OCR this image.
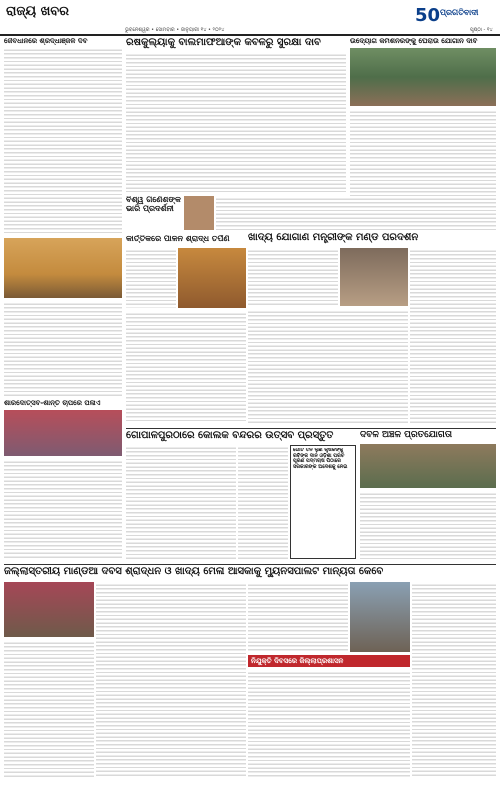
ରାଜ୍ୟ ଖବର
ଭୁବନେଶ୍ୱର • ସୋମବାର • ଜାନୁୟାରୀ ୧୪ • ୨୦୨୪
50 ପ୍ରଗତିବାଦୀ
ପୃଷ୍ଠା - ୧୪
ଜୈବଧାନରେ ଶ୍ରଦ୍ଧାଞ୍ଜଳି ଦିବ	ରଷିକୁଲ୍ୟାକୁ ବାଲିମାଫିଆଙ୍କ କବଳରୁ ସୁରକ୍ଷା ଦାବି	ଉଦ୍ୟୋଗ କମିଶନରଙ୍କୁ ଘେରାଉ ଯୋଗାନ ଦାବି
ବିଶ୍ୱ ଗଣେଶଙ୍କ ଭାରି ପ୍ରଦର୍ଶନୀ
କାର୍ତ୍ତିକରେ ପାଳନ ଶ୍ରାଦ୍ଧ ତର୍ପଣ	ଖାଦ୍ୟ ଯୋଗାଣ ମନ୍ତ୍ରୀଙ୍କ ମଣ୍ଡି ପରିଦର୍ଶନ
ଶାରଦୋତ୍ସବ-ଶାନ୍ତି ଚାପରେ ପଳାଏ
ଗୋପାଳପୁରଠାରେ କୋଲକ ବନ୍ଦରର ଉତ୍ସବ ପ୍ରସ୍ତୁତି
ଗୋଟି ତିନି ଲୁଣ କୃଷକଙ୍କୁ ରବିଙ୍କ ଦାନ ଓଡ଼ିଶା ପରଚ ପୂରଣ ପଦ୍ମଚାଷ ପିଠାରେ ସରକାରଙ୍କ ଅଦେଶକୁ ନେଇ
ଦିବିଳି ଅଞ୍ଚଳ ପ୍ରତିଯୋଗିତା
ଜିଲ୍ଲାସ୍ତରୀୟ ମାଣ୍ଡିଆ ଦିବସ ଶ୍ରାଦ୍ଧନ ଓ ଖାଦ୍ୟ ମେଳା ଆସିକାକୁ ମ୍ୟୁନିସିପାଲିଟି ମାନ୍ୟତା କେବେ
ନିଯୁକ୍ତି ଦିବସରେ ଜିଲ୍ଲାପ୍ରଶାସନ
